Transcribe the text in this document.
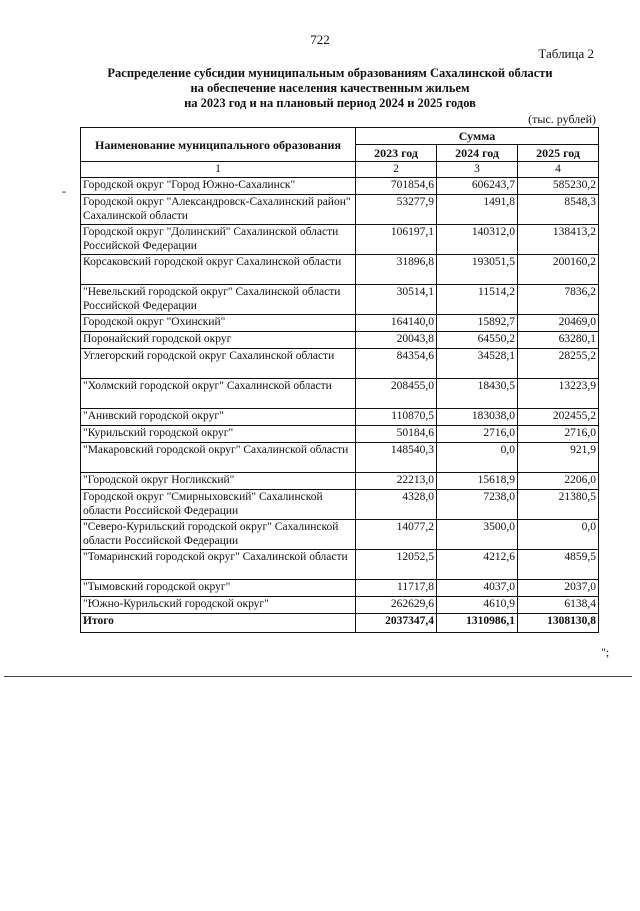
722
Таблица 2
Распределение субсидии муниципальным образованиям Сахалинской области
на обеспечение населения качественным жильем
на 2023 год и на плановый период 2024 и 2025 годов
(тыс. рублей)
-
Наименование муниципального образования	Сумма		
	2023 год	2024 год	2025 год
1	2	3	4
Городской округ "Город Южно-Сахалинск"	701854,6	606243,7	585230,2
Городской округ "Александровск-Сахалинский район" Сахалинской области	53277,9	1491,8	8548,3
Городской округ "Долинский" Сахалинской области Российской Федерации	106197,1	140312,0	138413,2
Корсаковский городской округ Сахалинской области	31896,8	193051,5	200160,2
"Невельский городской округ" Сахалинской области Российской Федерации	30514,1	11514,2	7836,2
Городской округ "Охинский"	164140,0	15892,7	20469,0
Поронайский городской округ	20043,8	64550,2	63280,1
Углегорский городской округ Сахалинской области	84354,6	34528,1	28255,2
"Холмский городской округ" Сахалинской области	208455,0	18430,5	13223,9
"Анивский городской округ"	110870,5	183038,0	202455,2
"Курильский городской округ"	50184,6	2716,0	2716,0
"Макаровский городской округ" Сахалинской области	148540,3	0,0	921,9
"Городской округ Ногликский"	22213,0	15618,9	2206,0
Городской округ "Смирныховский" Сахалинской области Российской Федерации	4328,0	7238,0	21380,5
"Северо-Курильский городской округ" Сахалинской области Российской Федерации	14077,2	3500,0	0,0
"Томаринский городской округ" Сахалинской области	12052,5	4212,6	4859,5
"Тымовский городской округ"	11717,8	4037,0	2037,0
"Южно-Курильский городской округ"	262629,6	4610,9	6138,4
Итого	2037347,4	1310986,1	1308130,8
";
